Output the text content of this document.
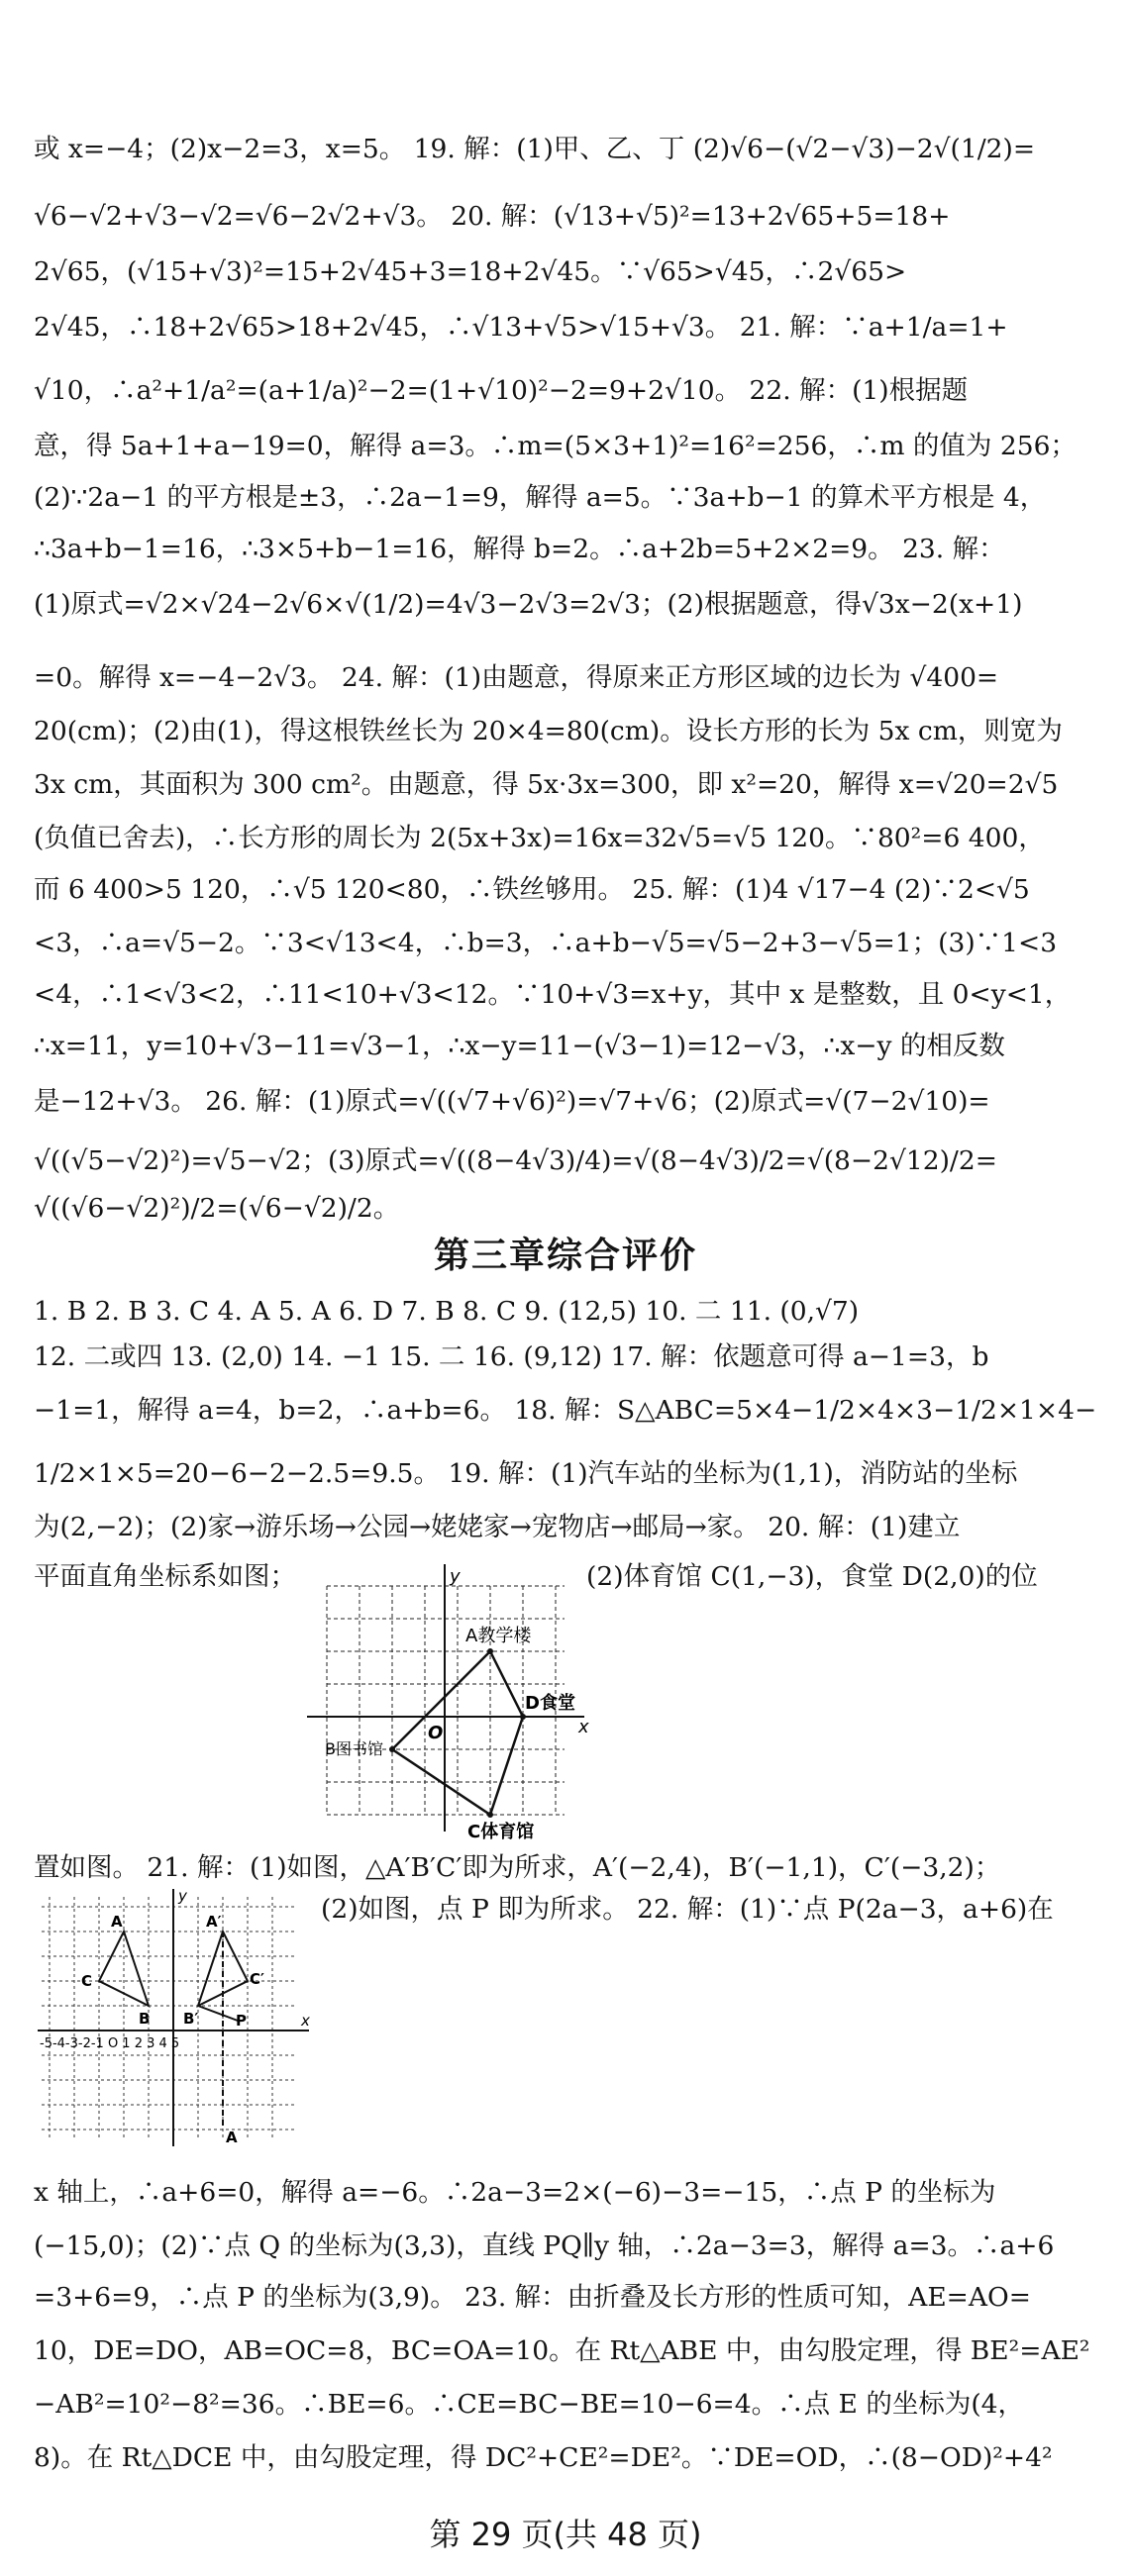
或 x=−4；(2)x−2=3，x=5。 19. 解：(1)甲、乙、丁 (2)√6−(√2−√3)−2√(1/2)=
√6−√2+√3−√2=√6−2√2+√3。 20. 解：(√13+√5)²=13+2√65+5=18+
2√65，(√15+√3)²=15+2√45+3=18+2√45。∵√65>√45，∴2√65>
2√45，∴18+2√65>18+2√45，∴√13+√5>√15+√3。 21. 解：∵a+1/a=1+
√10，∴a²+1/a²=(a+1/a)²−2=(1+√10)²−2=9+2√10。 22. 解：(1)根据题
意，得 5a+1+a−19=0，解得 a=3。∴m=(5×3+1)²=16²=256，∴m 的值为 256；
(2)∵2a−1 的平方根是±3，∴2a−1=9，解得 a=5。∵3a+b−1 的算术平方根是 4，
∴3a+b−1=16，∴3×5+b−1=16，解得 b=2。∴a+2b=5+2×2=9。 23. 解：
(1)原式=√2×√24−2√6×√(1/2)=4√3−2√3=2√3；(2)根据题意，得√3x−2(x+1)
=0。解得 x=−4−2√3。 24. 解：(1)由题意，得原来正方形区域的边长为 √400=
20(cm)；(2)由(1)，得这根铁丝长为 20×4=80(cm)。设长方形的长为 5x cm，则宽为
3x cm，其面积为 300 cm²。由题意，得 5x·3x=300，即 x²=20，解得 x=√20=2√5
(负值已舍去)，∴长方形的周长为 2(5x+3x)=16x=32√5=√5 120。∵80²=6 400，
而 6 400>5 120，∴√5 120<80，∴铁丝够用。 25. 解：(1)4 √17−4 (2)∵2<√5
<3，∴a=√5−2。∵3<√13<4，∴b=3，∴a+b−√5=√5−2+3−√5=1；(3)∵1<3
<4，∴1<√3<2，∴11<10+√3<12。∵10+√3=x+y，其中 x 是整数，且 0<y<1，
∴x=11，y=10+√3−11=√3−1，∴x−y=11−(√3−1)=12−√3，∴x−y 的相反数
是−12+√3。 26. 解：(1)原式=√((√7+√6)²)=√7+√6；(2)原式=√(7−2√10)=
√((√5−√2)²)=√5−√2；(3)原式=√((8−4√3)/4)=√(8−4√3)/2=√(8−2√12)/2=
√((√6−√2)²)/2=(√6−√2)/2。
第三章综合评价
1. B 2. B 3. C 4. A 5. A 6. D 7. B 8. C 9. (12,5) 10. 二 11. (0,√7)
12. 二或四 13. (2,0) 14. −1 15. 二 16. (9,12) 17. 解：依题意可得 a−1=3，b
−1=1，解得 a=4，b=2，∴a+b=6。 18. 解：S△ABC=5×4−1/2×4×3−1/2×1×4−
1/2×1×5=20−6−2−2.5=9.5。 19. 解：(1)汽车站的坐标为(1,1)，消防站的坐标
为(2,−2)；(2)家→游乐场→公园→姥姥家→宠物店→邮局→家。 20. 解：(1)建立
平面直角坐标系如图；	(2)体育馆 C(1,−3)，食堂 D(2,0)的位
置如图。 21. 解：(1)如图，△A′B′C′即为所求，A′(−2,4)，B′(−1,1)，C′(−3,2)；
(2)如图，点 P 即为所求。 22. 解：(1)∵点 P(2a−3，a+6)在
A教学楼
D食堂
B图书馆
C体育馆
O	x
y
A
C
B
A′
C′
B′	P
A
-5-4-3-2-1 O 1 2 3 4 5
x
y
x 轴上，∴a+6=0，解得 a=−6。∴2a−3=2×(−6)−3=−15，∴点 P 的坐标为
(−15,0)；(2)∵点 Q 的坐标为(3,3)，直线 PQ∥y 轴，∴2a−3=3，解得 a=3。∴a+6
=3+6=9，∴点 P 的坐标为(3,9)。 23. 解：由折叠及长方形的性质可知，AE=AO=
10，DE=DO，AB=OC=8，BC=OA=10。在 Rt△ABE 中，由勾股定理，得 BE²=AE²
−AB²=10²−8²=36。∴BE=6。∴CE=BC−BE=10−6=4。∴点 E 的坐标为(4，
8)。在 Rt△DCE 中，由勾股定理，得 DC²+CE²=DE²。∵DE=OD，∴(8−OD)²+4²
第 29 页(共 48 页)
